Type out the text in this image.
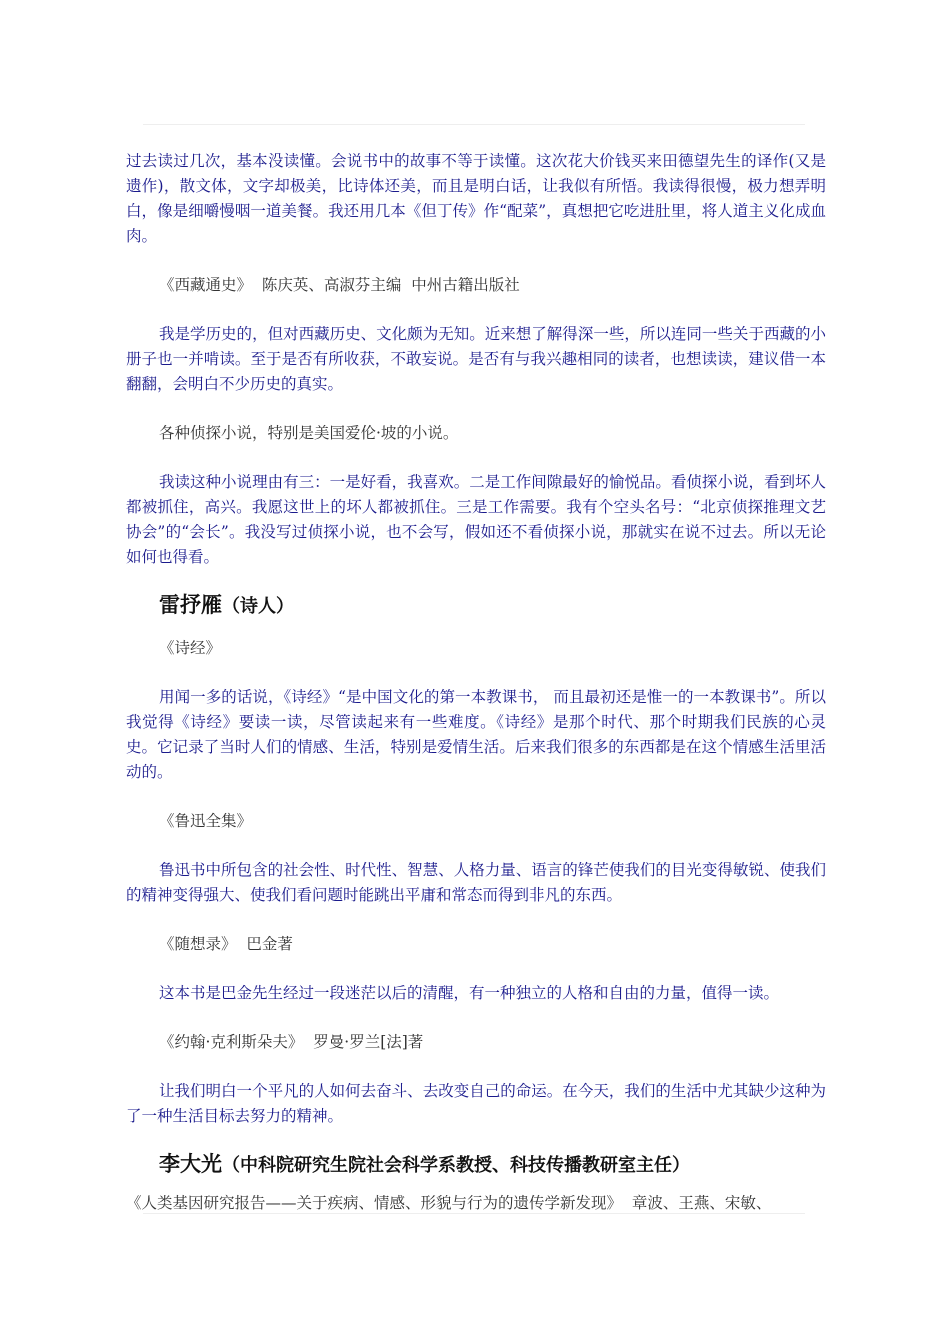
过去读过几次，基本没读懂。会说书中的故事不等于读懂。这次花大价钱买来田德望先生的译作(又是遗作)，散文体，文字却极美，比诗体还美，而且是明白话，让我似有所悟。我读得很慢，极力想弄明白，像是细嚼慢咽一道美餐。我还用几本《但丁传》作“配菜”，真想把它吃进肚里，将人道主义化成血肉。

《西藏通史》  陈庆英、高淑芬主编  中州古籍出版社

我是学历史的，但对西藏历史、文化颇为无知。近来想了解得深一些，所以连同一些关于西藏的小册子也一并啃读。至于是否有所收获，不敢妄说。是否有与我兴趣相同的读者，也想读读，建议借一本翻翻，会明白不少历史的真实。

各种侦探小说，特别是美国爱伦·坡的小说。

我读这种小说理由有三：一是好看，我喜欢。二是工作间隙最好的愉悦品。看侦探小说，看到坏人都被抓住，高兴。我愿这世上的坏人都被抓住。三是工作需要。我有个空头名号：“北京侦探推理文艺协会”的“会长”。我没写过侦探小说，也不会写，假如还不看侦探小说，那就实在说不过去。所以无论如何也得看。

雷抒雁（诗人）

《诗经》

用闻一多的话说，《诗经》“是中国文化的第一本教课书， 而且最初还是惟一的一本教课书”。所以我觉得《诗经》要读一读，尽管读起来有一些难度。《诗经》是那个时代、那个时期我们民族的心灵史。它记录了当时人们的情感、生活，特别是爱情生活。后来我们很多的东西都是在这个情感生活里活动的。

《鲁迅全集》

鲁迅书中所包含的社会性、时代性、智慧、人格力量、语言的锋芒使我们的目光变得敏锐、使我们的精神变得强大、使我们看问题时能跳出平庸和常态而得到非凡的东西。

《随想录》  巴金著

这本书是巴金先生经过一段迷茫以后的清醒，有一种独立的人格和自由的力量，值得一读。

《约翰·克利斯朵夫》  罗曼·罗兰[法]著

让我们明白一个平凡的人如何去奋斗、去改变自己的命运。在今天，我们的生活中尤其缺少这种为了一种生活目标去努力的精神。

李大光（中科院研究生院社会科学系教授、科技传播教研室主任）

《人类基因研究报告——关于疾病、情感、形貌与行为的遗传学新发现》  章波、王燕、宋敏、
